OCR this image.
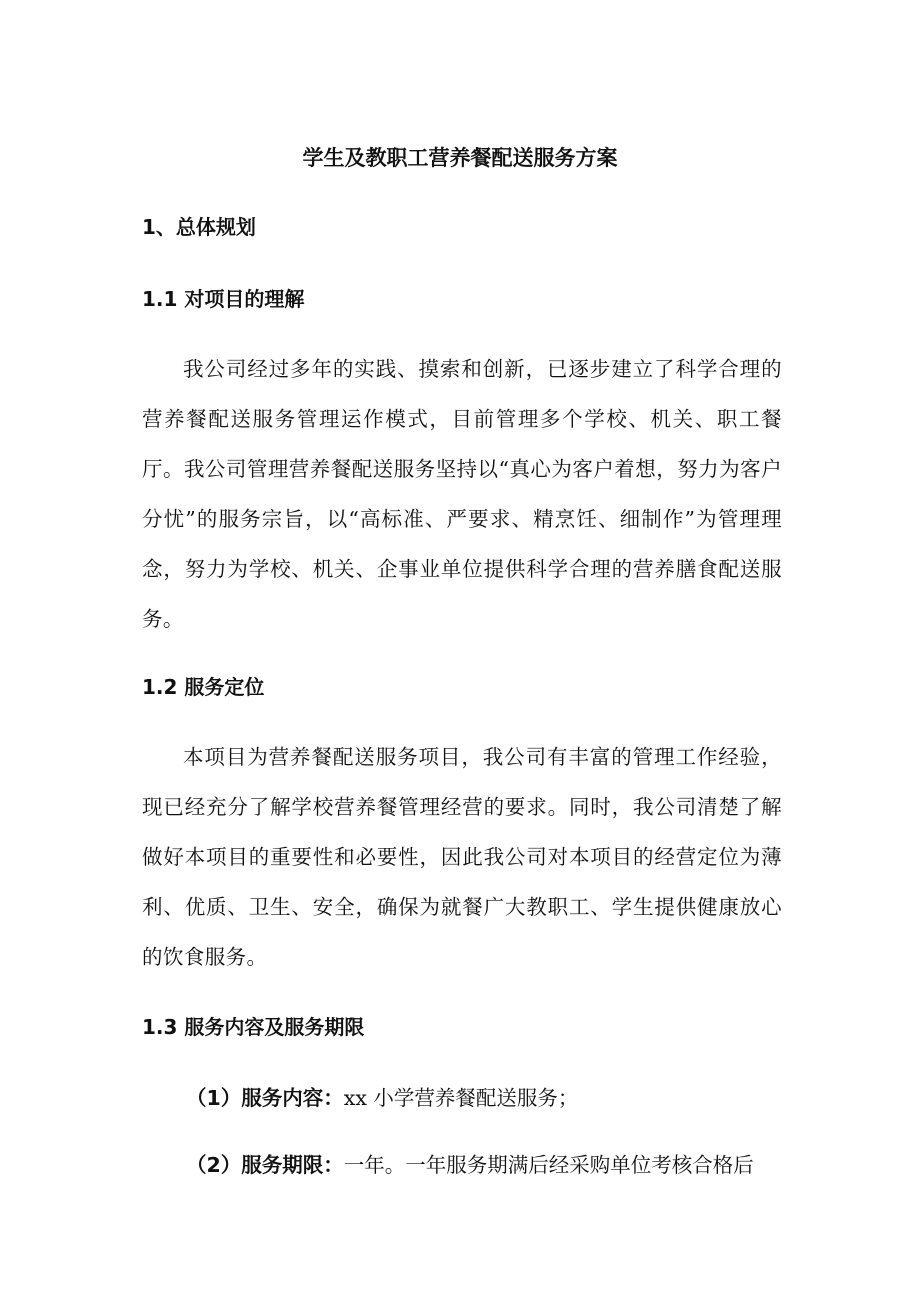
学生及教职工营养餐配送服务方案
1、总体规划
1.1 对项目的理解

我公司经过多年的实践、摸索和创新，已逐步建立了科学合理的营养餐配送服务管理运作模式，目前管理多个学校、机关、职工餐厅。我公司管理营养餐配送服务坚持以“真心为客户着想，努力为客户分忧”的服务宗旨，以“高标准、严要求、精烹饪、细制作”为管理理念，努力为学校、机关、企事业单位提供科学合理的营养膳食配送服务。

1.2 服务定位

本项目为营养餐配送服务项目，我公司有丰富的管理工作经验，现已经充分了解学校营养餐管理经营的要求。同时，我公司清楚了解做好本项目的重要性和必要性，因此我公司对本项目的经营定位为薄利、优质、卫生、安全，确保为就餐广大教职工、学生提供健康放心的饮食服务。

1.3 服务内容及服务期限

（1）服务内容：xx 小学营养餐配送服务；

（2）服务期限：一年。一年服务期满后经采购单位考核合格后
